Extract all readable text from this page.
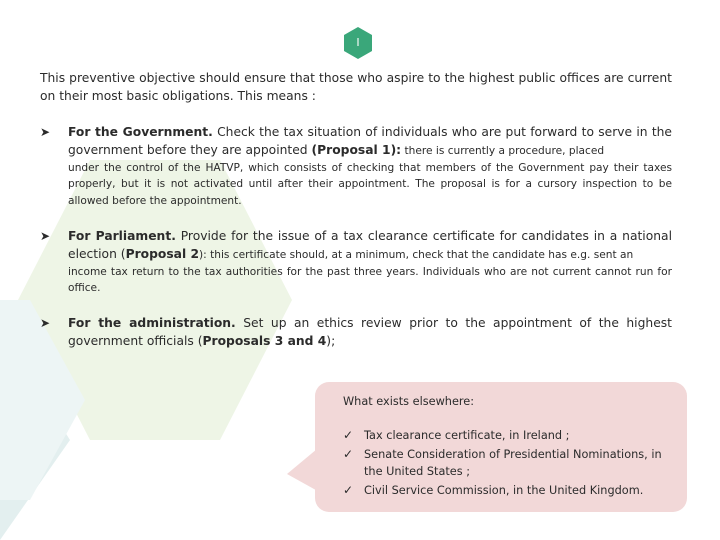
I

This preventive objective should ensure that those who aspire to the highest public offices are current on their most basic obligations. This means :

➤ For the Government. Check the tax situation of individuals who are put forward to serve in the government before they are appointed (Proposal 1): there is currently a procedure, placed
under the control of the HATVP, which consists of checking that members of the Government pay their taxes properly, but it is not activated until after their appointment. The proposal is for a cursory inspection to be allowed before the appointment.
➤ For Parliament. Provide for the issue of a tax clearance certificate for candidates in a national election (Proposal 2): this certificate should, at a minimum, check that the candidate has e.g. sent an
income tax return to the tax authorities for the past three years. Individuals who are not current cannot run for office.
➤ For the administration. Set up an ethics review prior to the appointment of the highest government officials (Proposals 3 and 4);
What exists elsewhere:
✓ Tax clearance certificate, in Ireland ;
✓ Senate Consideration of Presidential Nominations, in the United States ;
✓ Civil Service Commission, in the United Kingdom.
